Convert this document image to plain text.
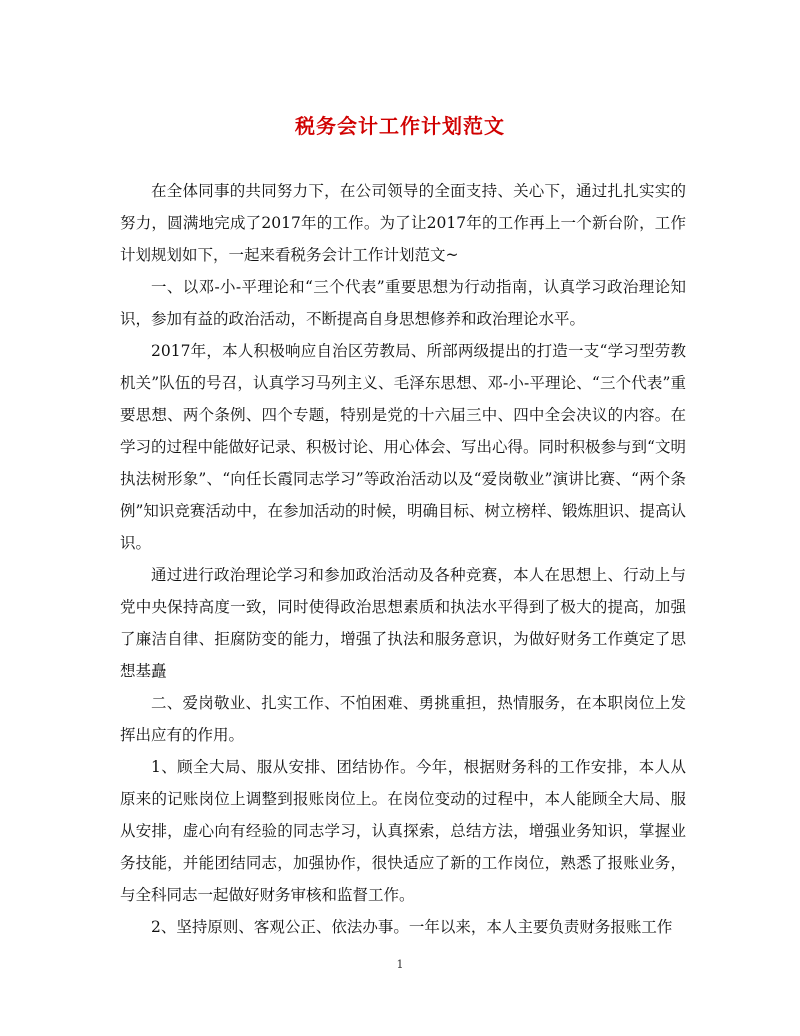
税务会计工作计划范文

在全体同事的共同努力下，在公司领导的全面支持、关心下，通过扎扎实实的努力，圆满地完成了2017年的工作。为了让2017年的工作再上一个新台阶，工作计划规划如下，一起来看税务会计工作计划范文~

一、以邓-小-平理论和“三个代表”重要思想为行动指南，认真学习政治理论知识，参加有益的政治活动，不断提高自身思想修养和政治理论水平。

2017年，本人积极响应自治区劳教局、所部两级提出的打造一支“学习型劳教机关”队伍的号召，认真学习马列主义、毛泽东思想、邓-小-平理论、“三个代表”重要思想、两个条例、四个专题，特别是党的十六届三中、四中全会决议的内容。在学习的过程中能做好记录、积极讨论、用心体会、写出心得。同时积极参与到“文明执法树形象”、“向任长霞同志学习”等政治活动以及“爱岗敬业”演讲比赛、“两个条例”知识竞赛活动中，在参加活动的时候，明确目标、树立榜样、锻炼胆识、提高认识。

通过进行政治理论学习和参加政治活动及各种竞赛，本人在思想上、行动上与党中央保持高度一致，同时使得政治思想素质和执法水平得到了极大的提高，加强了廉洁自律、拒腐防变的能力，增强了执法和服务意识，为做好财务工作奠定了思想基矗

二、爱岗敬业、扎实工作、不怕困难、勇挑重担，热情服务，在本职岗位上发挥出应有的作用。

1、顾全大局、服从安排、团结协作。今年，根据财务科的工作安排，本人从原来的记账岗位上调整到报账岗位上。在岗位变动的过程中，本人能顾全大局、服从安排，虚心向有经验的同志学习，认真探索，总结方法，增强业务知识，掌握业务技能，并能团结同志，加强协作，很快适应了新的工作岗位，熟悉了报账业务，与全科同志一起做好财务审核和监督工作。

2、坚持原则、客观公正、依法办事。一年以来，本人主要负责财务报账工作

1
